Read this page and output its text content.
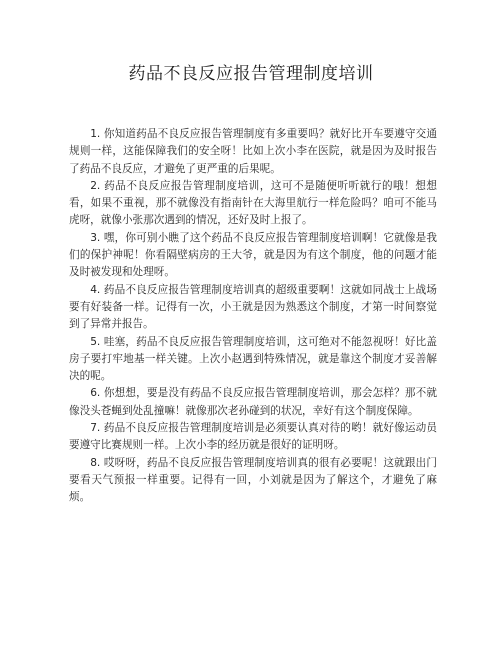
药品不良反应报告管理制度培训

1. 你知道药品不良反应报告管理制度有多重要吗？就好比开车要遵守交通规则一样，这能保障我们的安全呀！比如上次小李在医院，就是因为及时报告了药品不良反应，才避免了更严重的后果呢。

2. 药品不良反应报告管理制度培训，这可不是随便听听就行的哦！想想看，如果不重视，那不就像没有指南针在大海里航行一样危险吗？咱可不能马虎呀，就像小张那次遇到的情况，还好及时上报了。

3. 嘿，你可别小瞧了这个药品不良反应报告管理制度培训啊！它就像是我们的保护神呢！你看隔壁病房的王大爷，就是因为有这个制度，他的问题才能及时被发现和处理呀。

4. 药品不良反应报告管理制度培训真的超级重要啊！这就如同战士上战场要有好装备一样。记得有一次，小王就是因为熟悉这个制度，才第一时间察觉到了异常并报告。

5. 哇塞，药品不良反应报告管理制度培训，这可绝对不能忽视呀！好比盖房子要打牢地基一样关键。上次小赵遇到特殊情况，就是靠这个制度才妥善解决的呢。

6. 你想想，要是没有药品不良反应报告管理制度培训，那会怎样？那不就像没头苍蝇到处乱撞嘛！就像那次老孙碰到的状况，幸好有这个制度保障。

7. 药品不良反应报告管理制度培训是必须要认真对待的哟！就好像运动员要遵守比赛规则一样。上次小李的经历就是很好的证明呀。

8. 哎呀呀，药品不良反应报告管理制度培训真的很有必要呢！这就跟出门要看天气预报一样重要。记得有一回，小刘就是因为了解这个，才避免了麻烦。
